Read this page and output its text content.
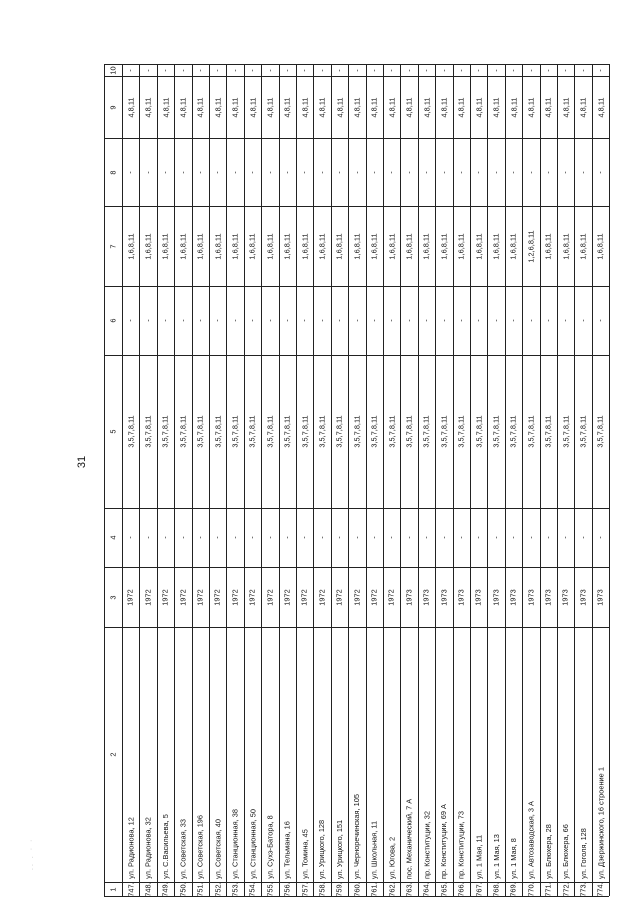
31
.. . · ·
1
2
3
4
5
6
7
8
9
10
747.
ул. Радионова, 12
1972
-
3,5,7,8,11
-
1,6,8,11
-
4,8,11
-
748.
ул. Радионова, 32
1972
-
3,5,7,8,11
-
1,6,8,11
-
4,8,11
-
749.
ул. С.Васильева, 5
1972
-
3,5,7,8,11
-
1,6,8,11
-
4,8,11
-
750.
ул. Советская, 33
1972
-
3,5,7,8,11
-
1,6,8,11
-
4,8,11
-
751.
ул. Советская, 196
1972
-
3,5,7,8,11
-
1,6,8,11
-
4,8,11
-
752.
ул. Советская, 40
1972
-
3,5,7,8,11
-
1,6,8,11
-
4,8,11
-
753.
ул. Станционная, 38
1972
-
3,5,7,8,11
-
1,6,8,11
-
4,8,11
-
754.
ул. Станционная, 50
1972
-
3,5,7,8,11
-
1,6,8,11
-
4,8,11
-
755.
ул. Сухэ-Батора, 8
1972
-
3,5,7,8,11
-
1,6,8,11
-
4,8,11
-
756.
ул. Тельмана, 16
1972
-
3,5,7,8,11
-
1,6,8,11
-
4,8,11
-
757.
ул. Томина, 45
1972
-
3,5,7,8,11
-
1,6,8,11
-
4,8,11
-
758.
ул. Урицкого, 128
1972
-
3,5,7,8,11
-
1,6,8,11
-
4,8,11
-
759.
ул. Урицкого, 151
1972
-
3,5,7,8,11
-
1,6,8,11
-
4,8,11
-
760.
ул. Черноречинская, 105
1972
-
3,5,7,8,11
-
1,6,8,11
-
4,8,11
-
761.
ул. Школьная, 11
1972
-
3,5,7,8,11
-
1,6,8,11
-
4,8,11
-
762.
ул. Югова, 2
1972
-
3,5,7,8,11
-
1,6,8,11
-
4,8,11
-
763.
пос. Механический, 7 А
1973
-
3,5,7,8,11
-
1,6,8,11
-
4,8,11
-
764.
пр. Конституции, 32
1973
-
3,5,7,8,11
-
1,6,8,11
-
4,8,11
-
765.
пр. Конституции, 69 А
1973
-
3,5,7,8,11
-
1,6,8,11
-
4,8,11
-
766.
пр. Конституции, 73
1973
-
3,5,7,8,11
-
1,6,8,11
-
4,8,11
-
767.
ул. 1 Мая, 11
1973
-
3,5,7,8,11
-
1,6,8,11
-
4,8,11
-
768.
ул. 1 Мая, 13
1973
-
3,5,7,8,11
-
1,6,8,11
-
4,8,11
-
769.
ул. 1 Мая, 8
1973
-
3,5,7,8,11
-
1,6,8,11
-
4,8,11
-
770.
ул. Автозаводская, 3 А
1973
-
3,5,7,8,11
-
1,2,6,8,11
-
4,8,11
-
771.
ул. Блюхера, 28
1973
-
3,5,7,8,11
-
1,6,8,11
-
4,8,11
-
772.
ул. Блюхера, 66
1973
-
3,5,7,8,11
-
1,6,8,11
-
4,8,11
-
773.
ул. Гоголя, 128
1973
-
3,5,7,8,11
-
1,6,8,11
-
4,8,11
-
774.
ул. Дзержинского, 16 строение 1
1973
-
3,5,7,8,11
-
1,6,8,11
-
4,8,11
-
